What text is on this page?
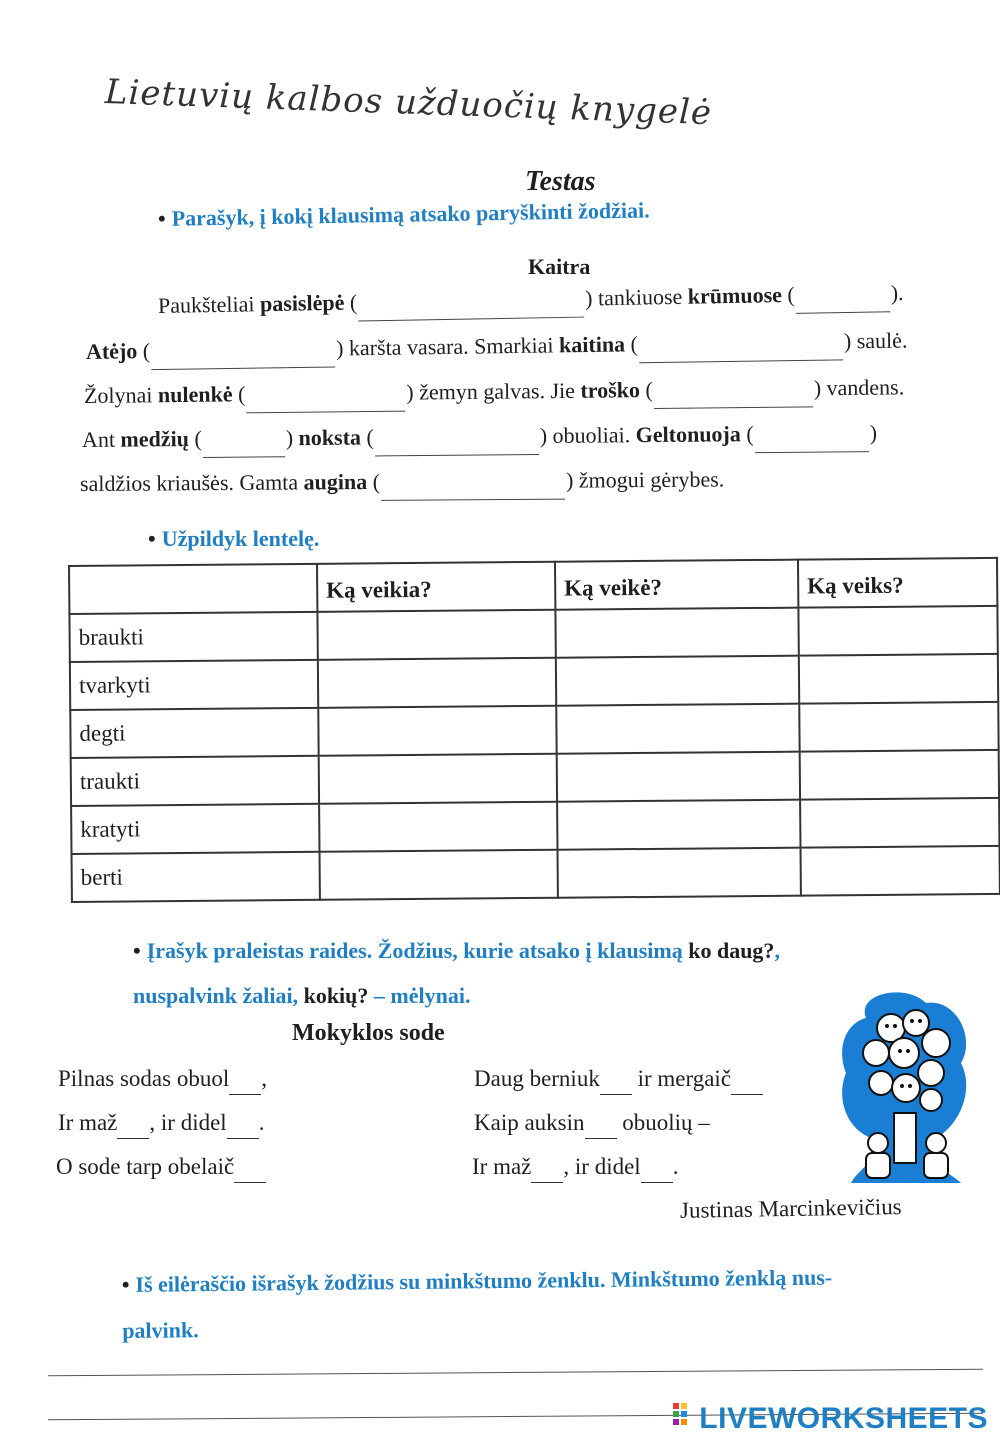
Lietuvių kalbos užduočių knygelė
Testas
• Parašyk, į kokį klausimą atsako paryškinti žodžiai.
Kaitra
Paukšteliai pasislėpė (	) tankiuose krūmuose (	).
Atėjo (	) karšta vasara. Smarkiai kaitina (	) saulė.
Žolynai nulenkė (	) žemyn galvas. Jie troško (	) vandens.
Ant medžių (	) noksta (	) obuoliai. Geltonuoja (	)
saldžios kriaušės. Gamta augina (	) žmogui gėrybes.
• Užpildyk lentelę.
	Ką veikia?	Ką veikė?	Ką veiks?
braukti			
tvarkyti			
degti			
traukti			
kratyti			
berti			
• Įrašyk praleistas raides. Žodžius, kurie atsako į klausimą ko daug?,
nuspalvink žaliai, kokių? – mėlynai.
Mokyklos sode
Pilnas sodas obuol ,
Ir maž , ir didel .
O sode tarp obelaič
Daug berniuk ir mergaič
Kaip auksin obuolių –
Ir maž , ir didel .
Justinas Marcinkevičius
• Iš eilėraščio išrašyk žodžius su minkštumo ženklu. Minkštumo ženklą nus-
palvink.
LIVEWORKSHEETS
